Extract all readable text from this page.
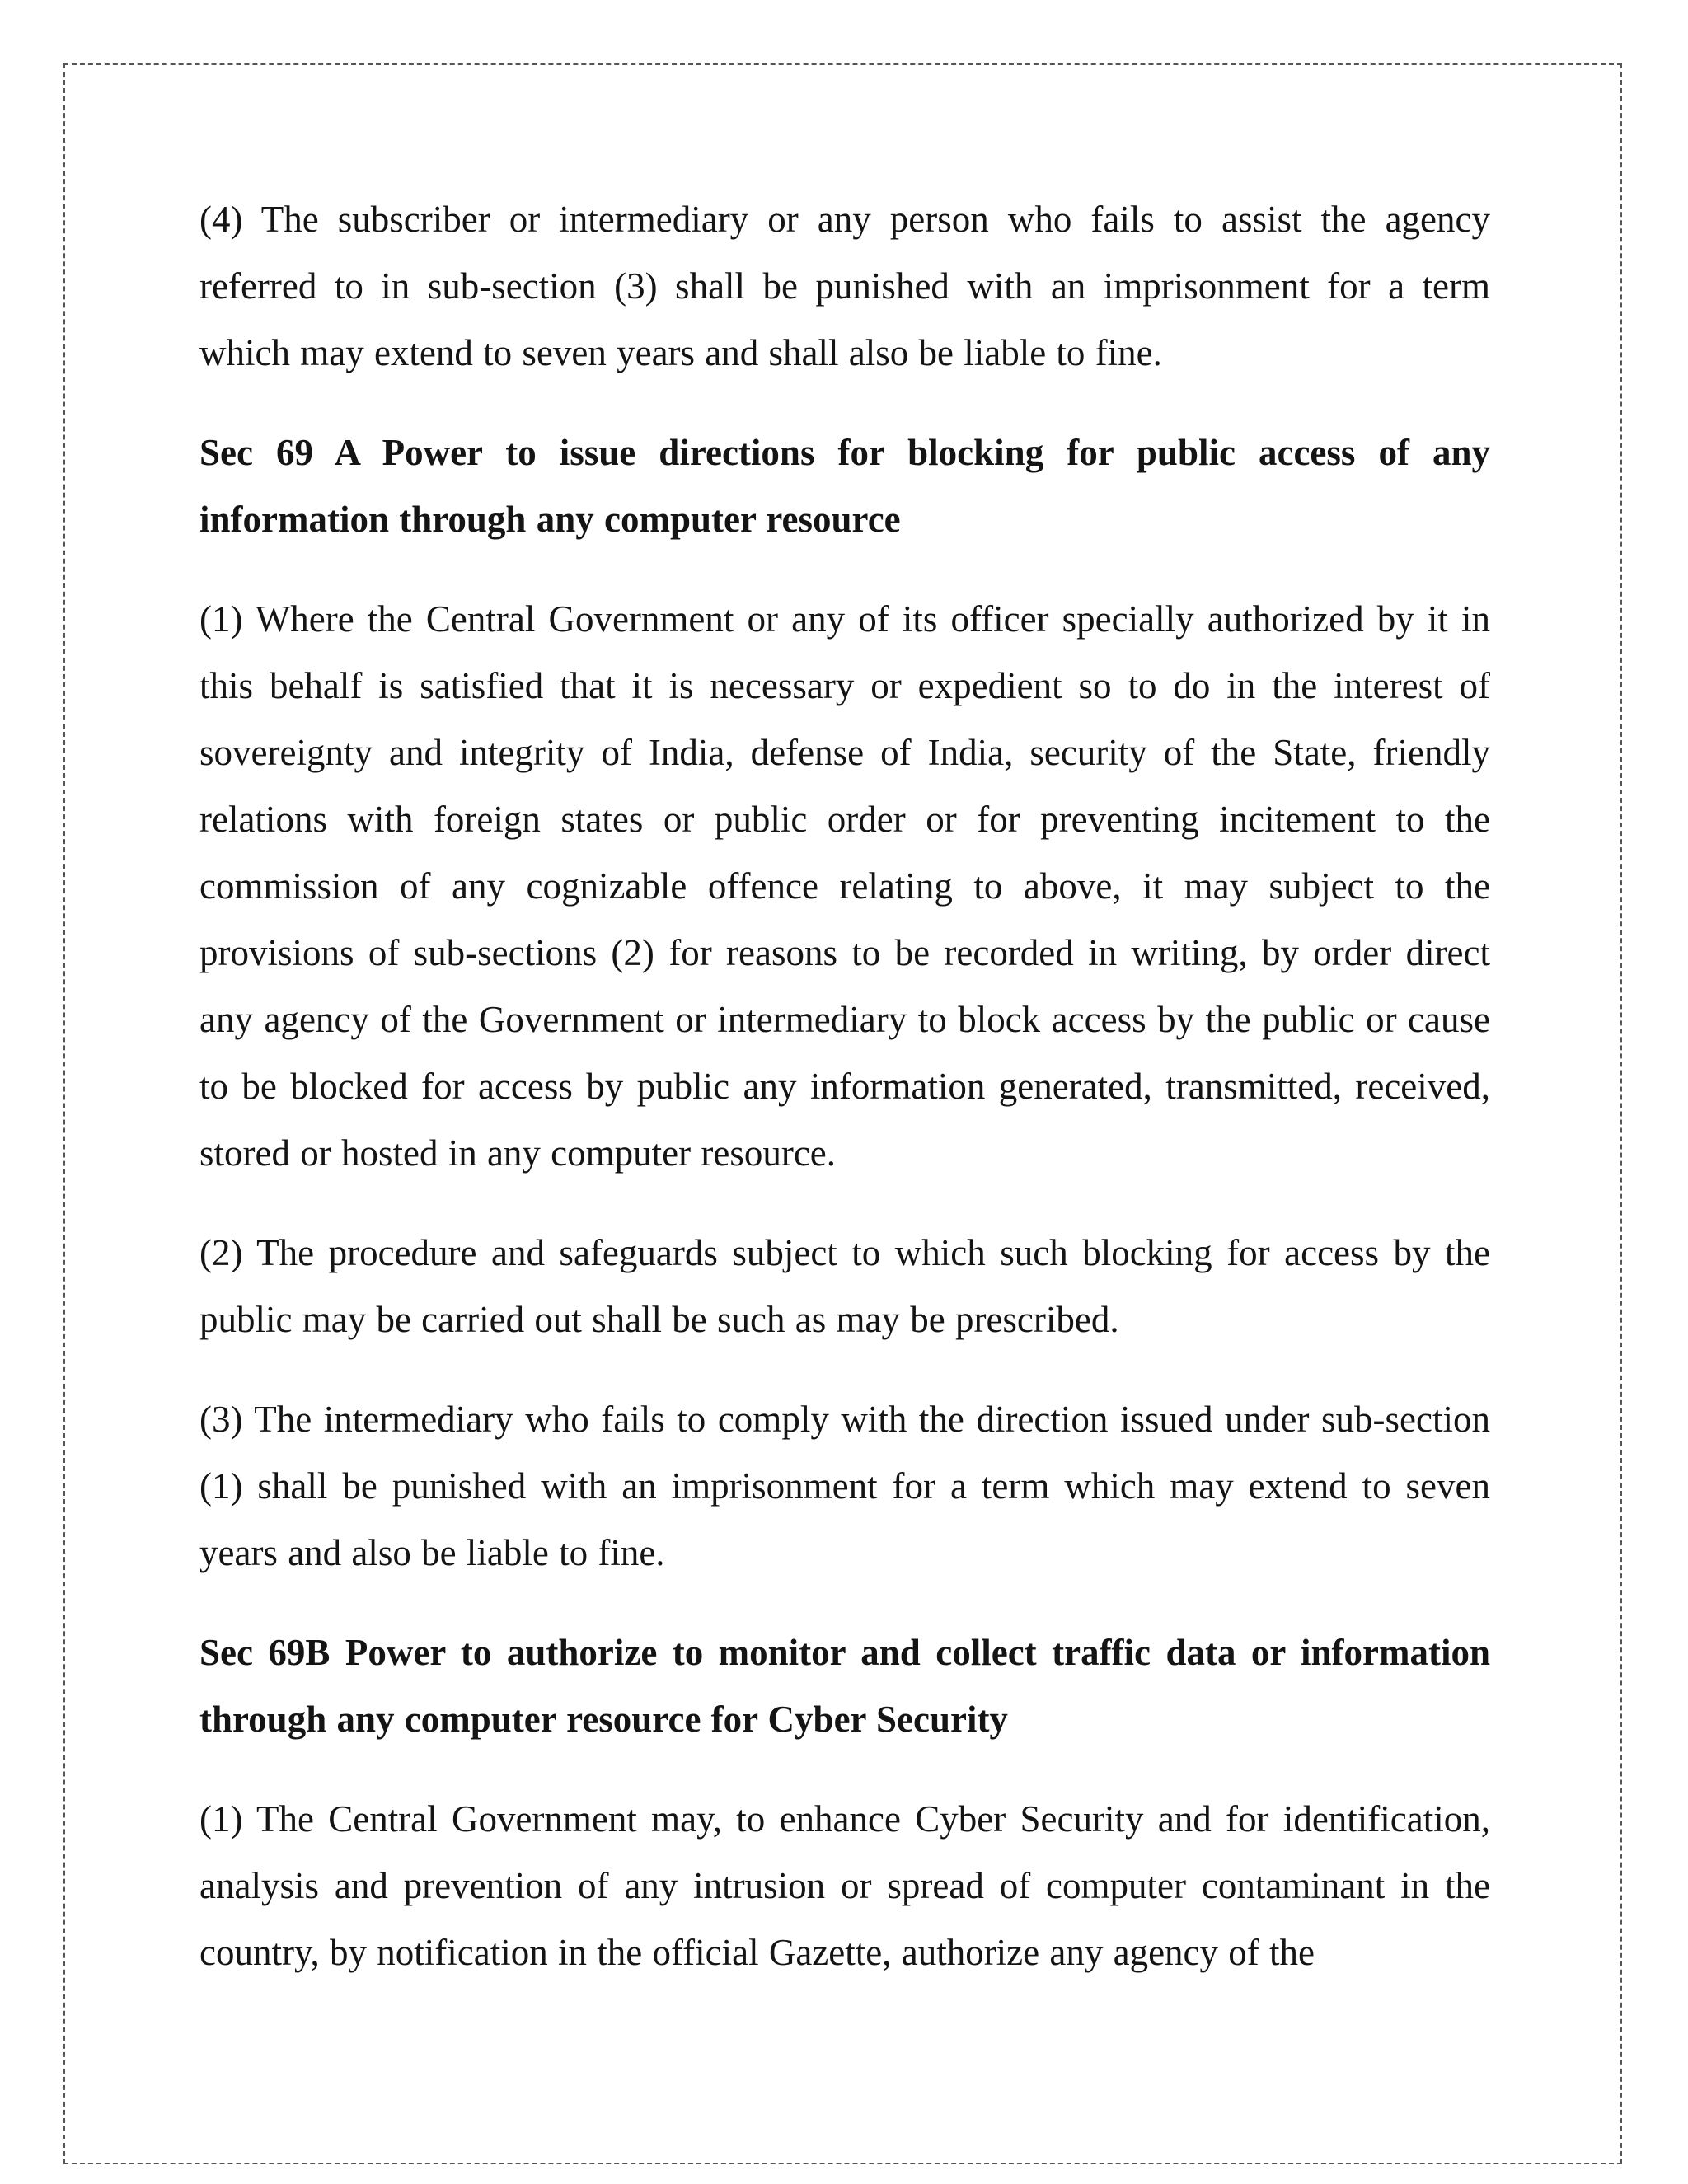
(4) The subscriber or intermediary or any person who fails to assist the agency referred to in sub-section (3) shall be punished with an imprisonment for a term which may extend to seven years and shall also be liable to fine.

Sec 69 A Power to issue directions for blocking for public access of any information through any computer resource

(1) Where the Central Government or any of its officer specially authorized by it in this behalf is satisfied that it is necessary or expedient so to do in the interest of sovereignty and integrity of India, defense of India, security of the State, friendly relations with foreign states or public order or for preventing incitement to the commission of any cognizable offence relating to above, it may subject to the provisions of sub-sections (2) for reasons to be recorded in writing, by order direct any agency of the Government or intermediary to block access by the public or cause to be blocked for access by public any information generated, transmitted, received, stored or hosted in any computer resource.

(2) The procedure and safeguards subject to which such blocking for access by the public may be carried out shall be such as may be prescribed.

(3) The intermediary who fails to comply with the direction issued under sub-section (1) shall be punished with an imprisonment for a term which may extend to seven years and also be liable to fine.

Sec 69B Power to authorize to monitor and collect traffic data or information through any computer resource for Cyber Security

(1) The Central Government may, to enhance Cyber Security and for identification, analysis and prevention of any intrusion or spread of computer contaminant in the country, by notification in the official Gazette, authorize any agency of the
